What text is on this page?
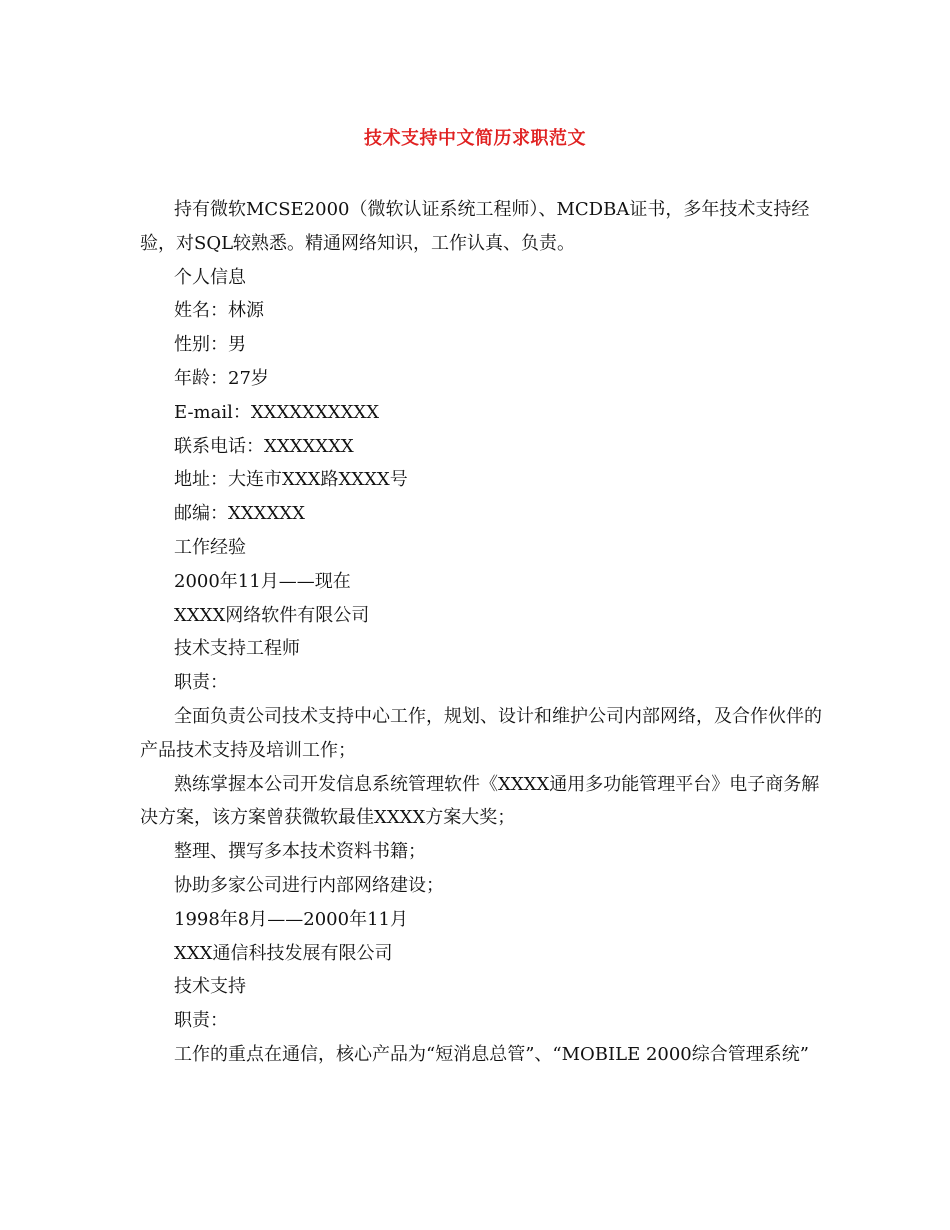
技术支持中文简历求职范文

持有微软MCSE2000（微软认证系统工程师）、MCDBA证书，多年技术支持经验，对SQL较熟悉。精通网络知识，工作认真、负责。

个人信息

姓名：林源

性别：男

年龄：27岁

E-mail：XXXXXXXXXX

联系电话：XXXXXXX

地址：大连市XXX路XXXX号

邮编：XXXXXX

工作经验

2000年11月——现在

XXXX网络软件有限公司

技术支持工程师

职责：

全面负责公司技术支持中心工作，规划、设计和维护公司内部网络，及合作伙伴的产品技术支持及培训工作；

熟练掌握本公司开发信息系统管理软件《XXXX通用多功能管理平台》电子商务解决方案，该方案曾获微软最佳XXXX方案大奖；

整理、撰写多本技术资料书籍；

协助多家公司进行内部网络建设；

1998年8月——2000年11月

XXX通信科技发展有限公司

技术支持

职责：

工作的重点在通信，核心产品为“短消息总管”、“MOBILE 2000综合管理系统”
